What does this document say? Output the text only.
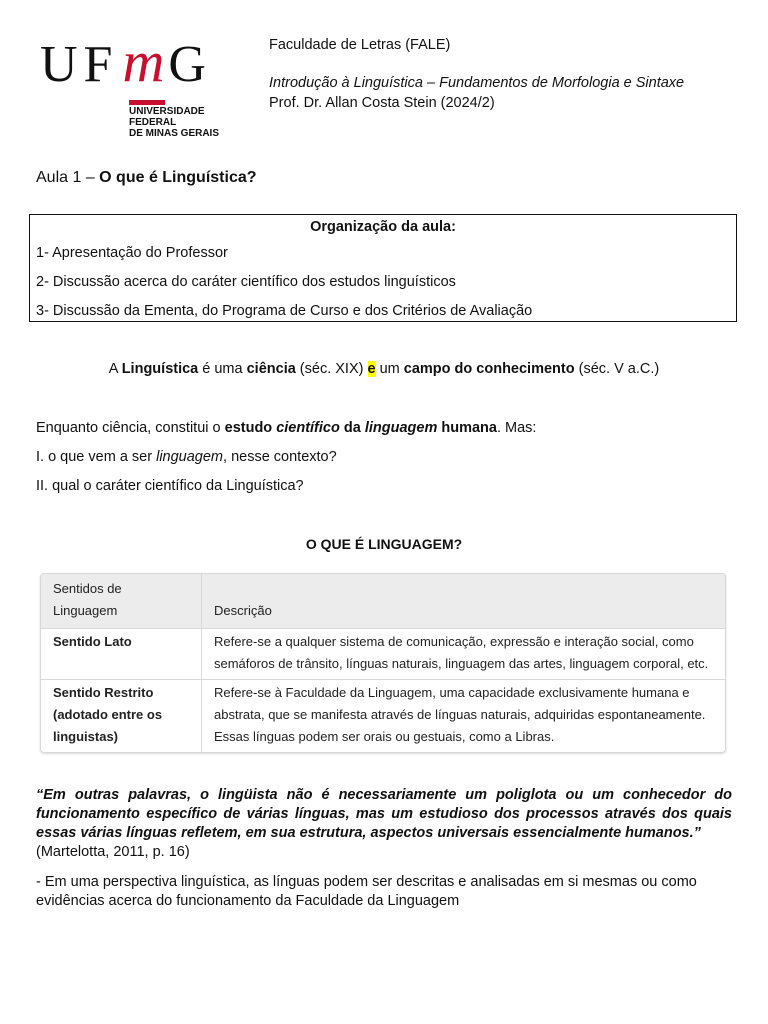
UFmG
UNIVERSIDADE FEDERAL
DE MINAS GERAIS
Faculdade de Letras (FALE)
Introdução à Linguística – Fundamentos de Morfologia e Sintaxe
Prof. Dr. Allan Costa Stein (2024/2)
Aula 1 – O que é Linguística?
Organização da aula:
1- Apresentação do Professor
2- Discussão acerca do caráter científico dos estudos linguísticos
3- Discussão da Ementa, do Programa de Curso e dos Critérios de Avaliação
A Linguística é uma ciência (séc. XIX) e um campo do conhecimento (séc. V a.C.)
Enquanto ciência, constitui o estudo científico da linguagem humana. Mas:
I. o que vem a ser linguagem, nesse contexto?
II. qual o caráter científico da Linguística?
O QUE É LINGUAGEM?
Sentidos de Linguagem	Descrição
Sentido Lato	Refere-se a qualquer sistema de comunicação, expressão e interação social, como semáforos de trânsito, línguas naturais, linguagem das artes, linguagem corporal, etc.
Sentido Restrito (adotado entre os linguistas)	Refere-se à Faculdade da Linguagem, uma capacidade exclusivamente humana e abstrata, que se manifesta através de línguas naturais, adquiridas espontaneamente. Essas línguas podem ser orais ou gestuais, como a Libras.
“Em outras palavras, o lingüista não é necessariamente um poliglota ou um conhecedor do funcionamento específico de várias línguas, mas um estudioso dos processos através dos quais essas várias línguas refletem, em sua estrutura, aspectos universais essencialmente humanos.”
(Martelotta, 2011, p. 16)
- Em uma perspectiva linguística, as línguas podem ser descritas e analisadas em si mesmas ou como evidências acerca do funcionamento da Faculdade da Linguagem
